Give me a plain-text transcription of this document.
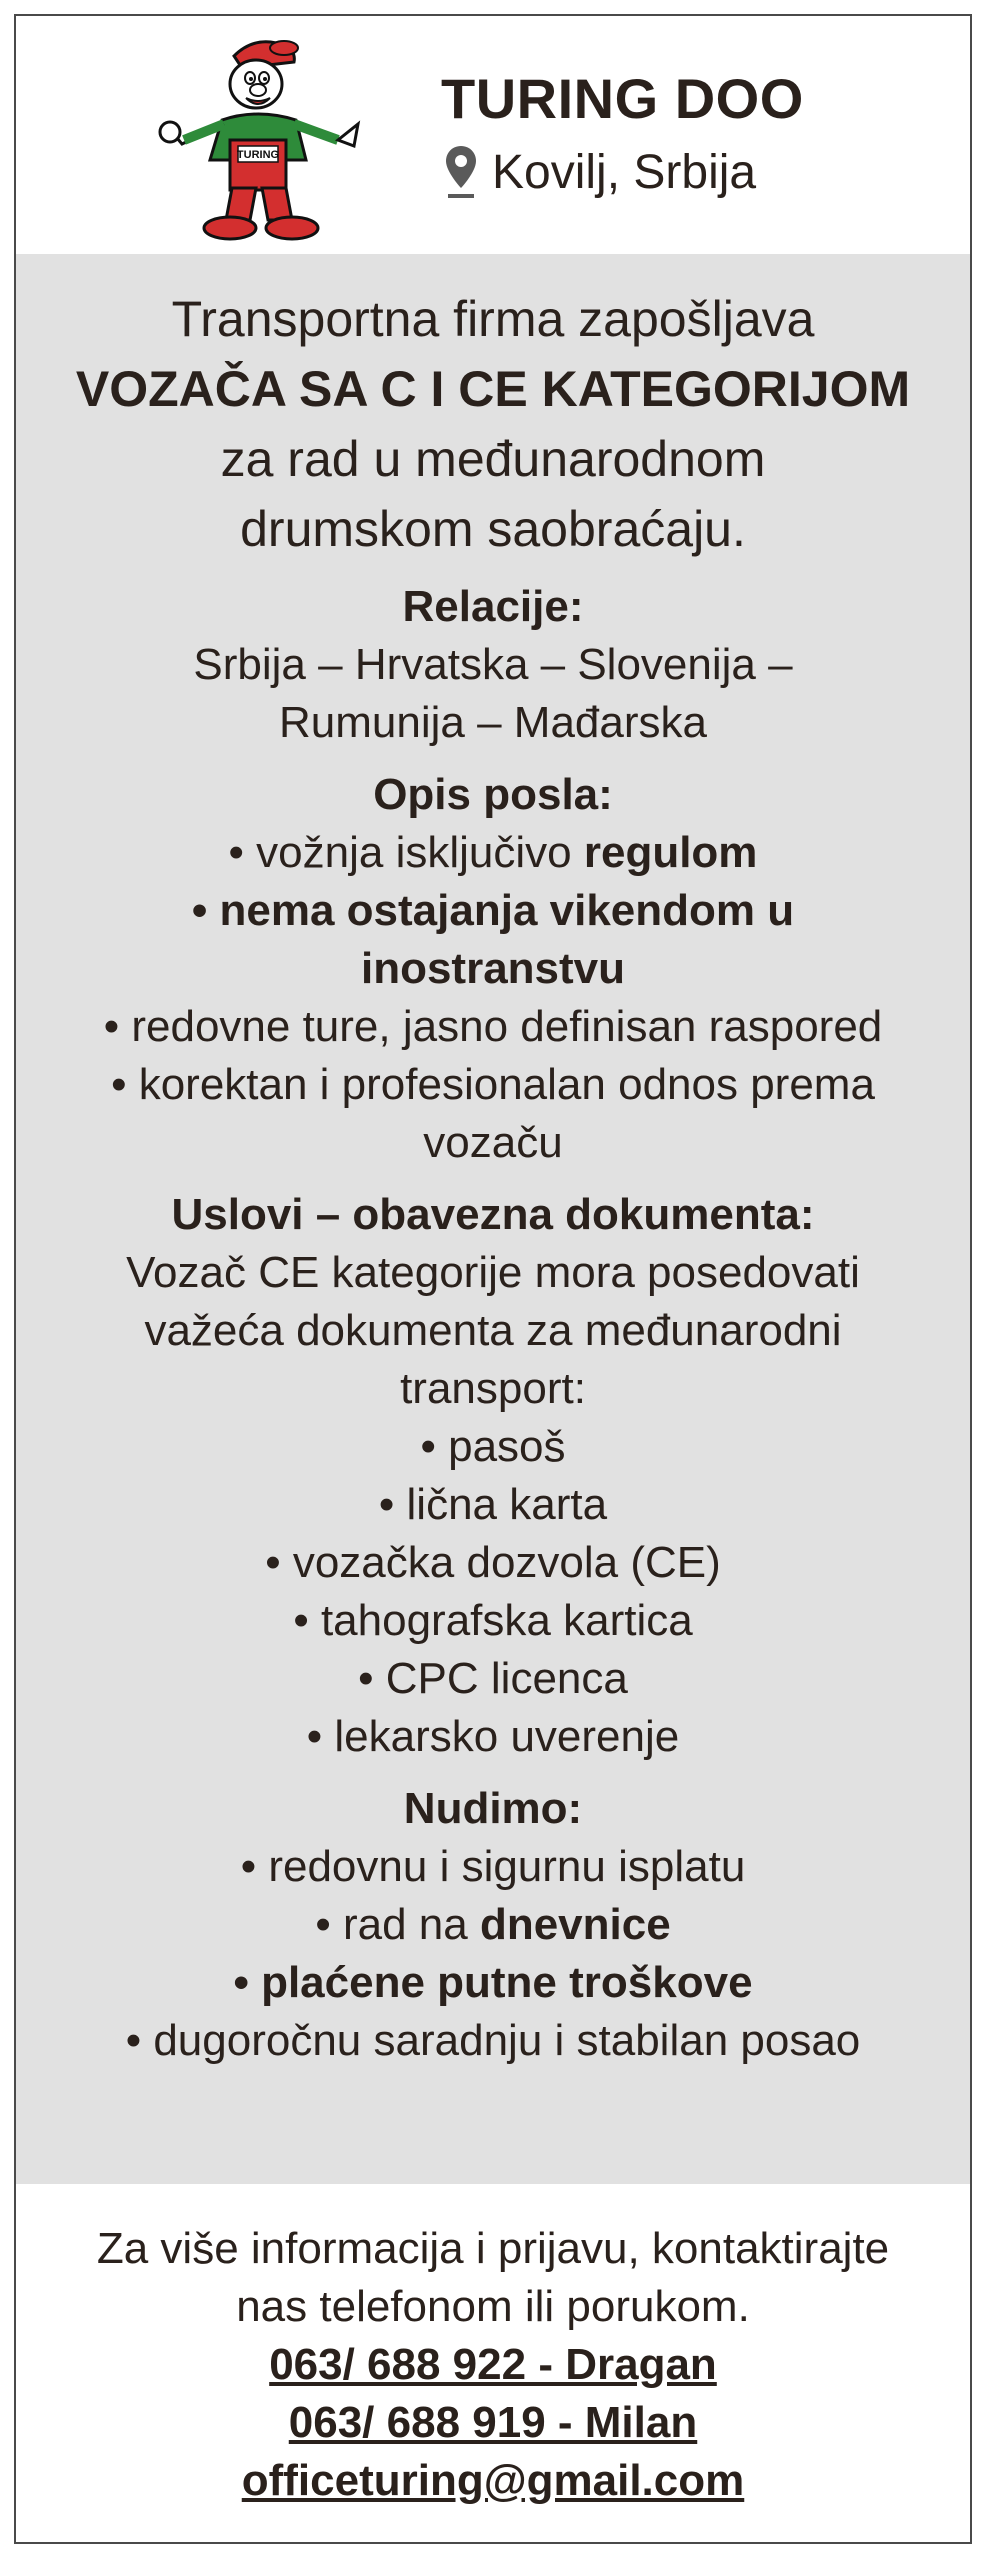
TURING
TURING DOO
Kovilj, Srbija
Transportna firma zapošljava
VOZAČA SA C I CE KATEGORIJOM
za rad u međunarodnom
drumskom saobraćaju.
Relacije:
Srbija – Hrvatska – Slovenija –
Rumunija – Mađarska
Opis posla:
• vožnja isključivo regulom
• nema ostajanja vikendom u
inostranstvu
• redovne ture, jasno definisan raspored
• korektan i profesionalan odnos prema
vozaču
Uslovi – obavezna dokumenta:
Vozač CE kategorije mora posedovati
važeća dokumenta za međunarodni
transport:
• pasoš
• lična karta
• vozačka dozvola (CE)
• tahografska kartica
• CPC licenca
• lekarsko uverenje
Nudimo:
• redovnu i sigurnu isplatu
• rad na dnevnice
• plaćene putne troškove
• dugoročnu saradnju i stabilan posao
Za više informacija i prijavu, kontaktirajte
nas telefonom ili porukom.
063/ 688 922 - Dragan
063/ 688 919 - Milan
officeturing@gmail.com
